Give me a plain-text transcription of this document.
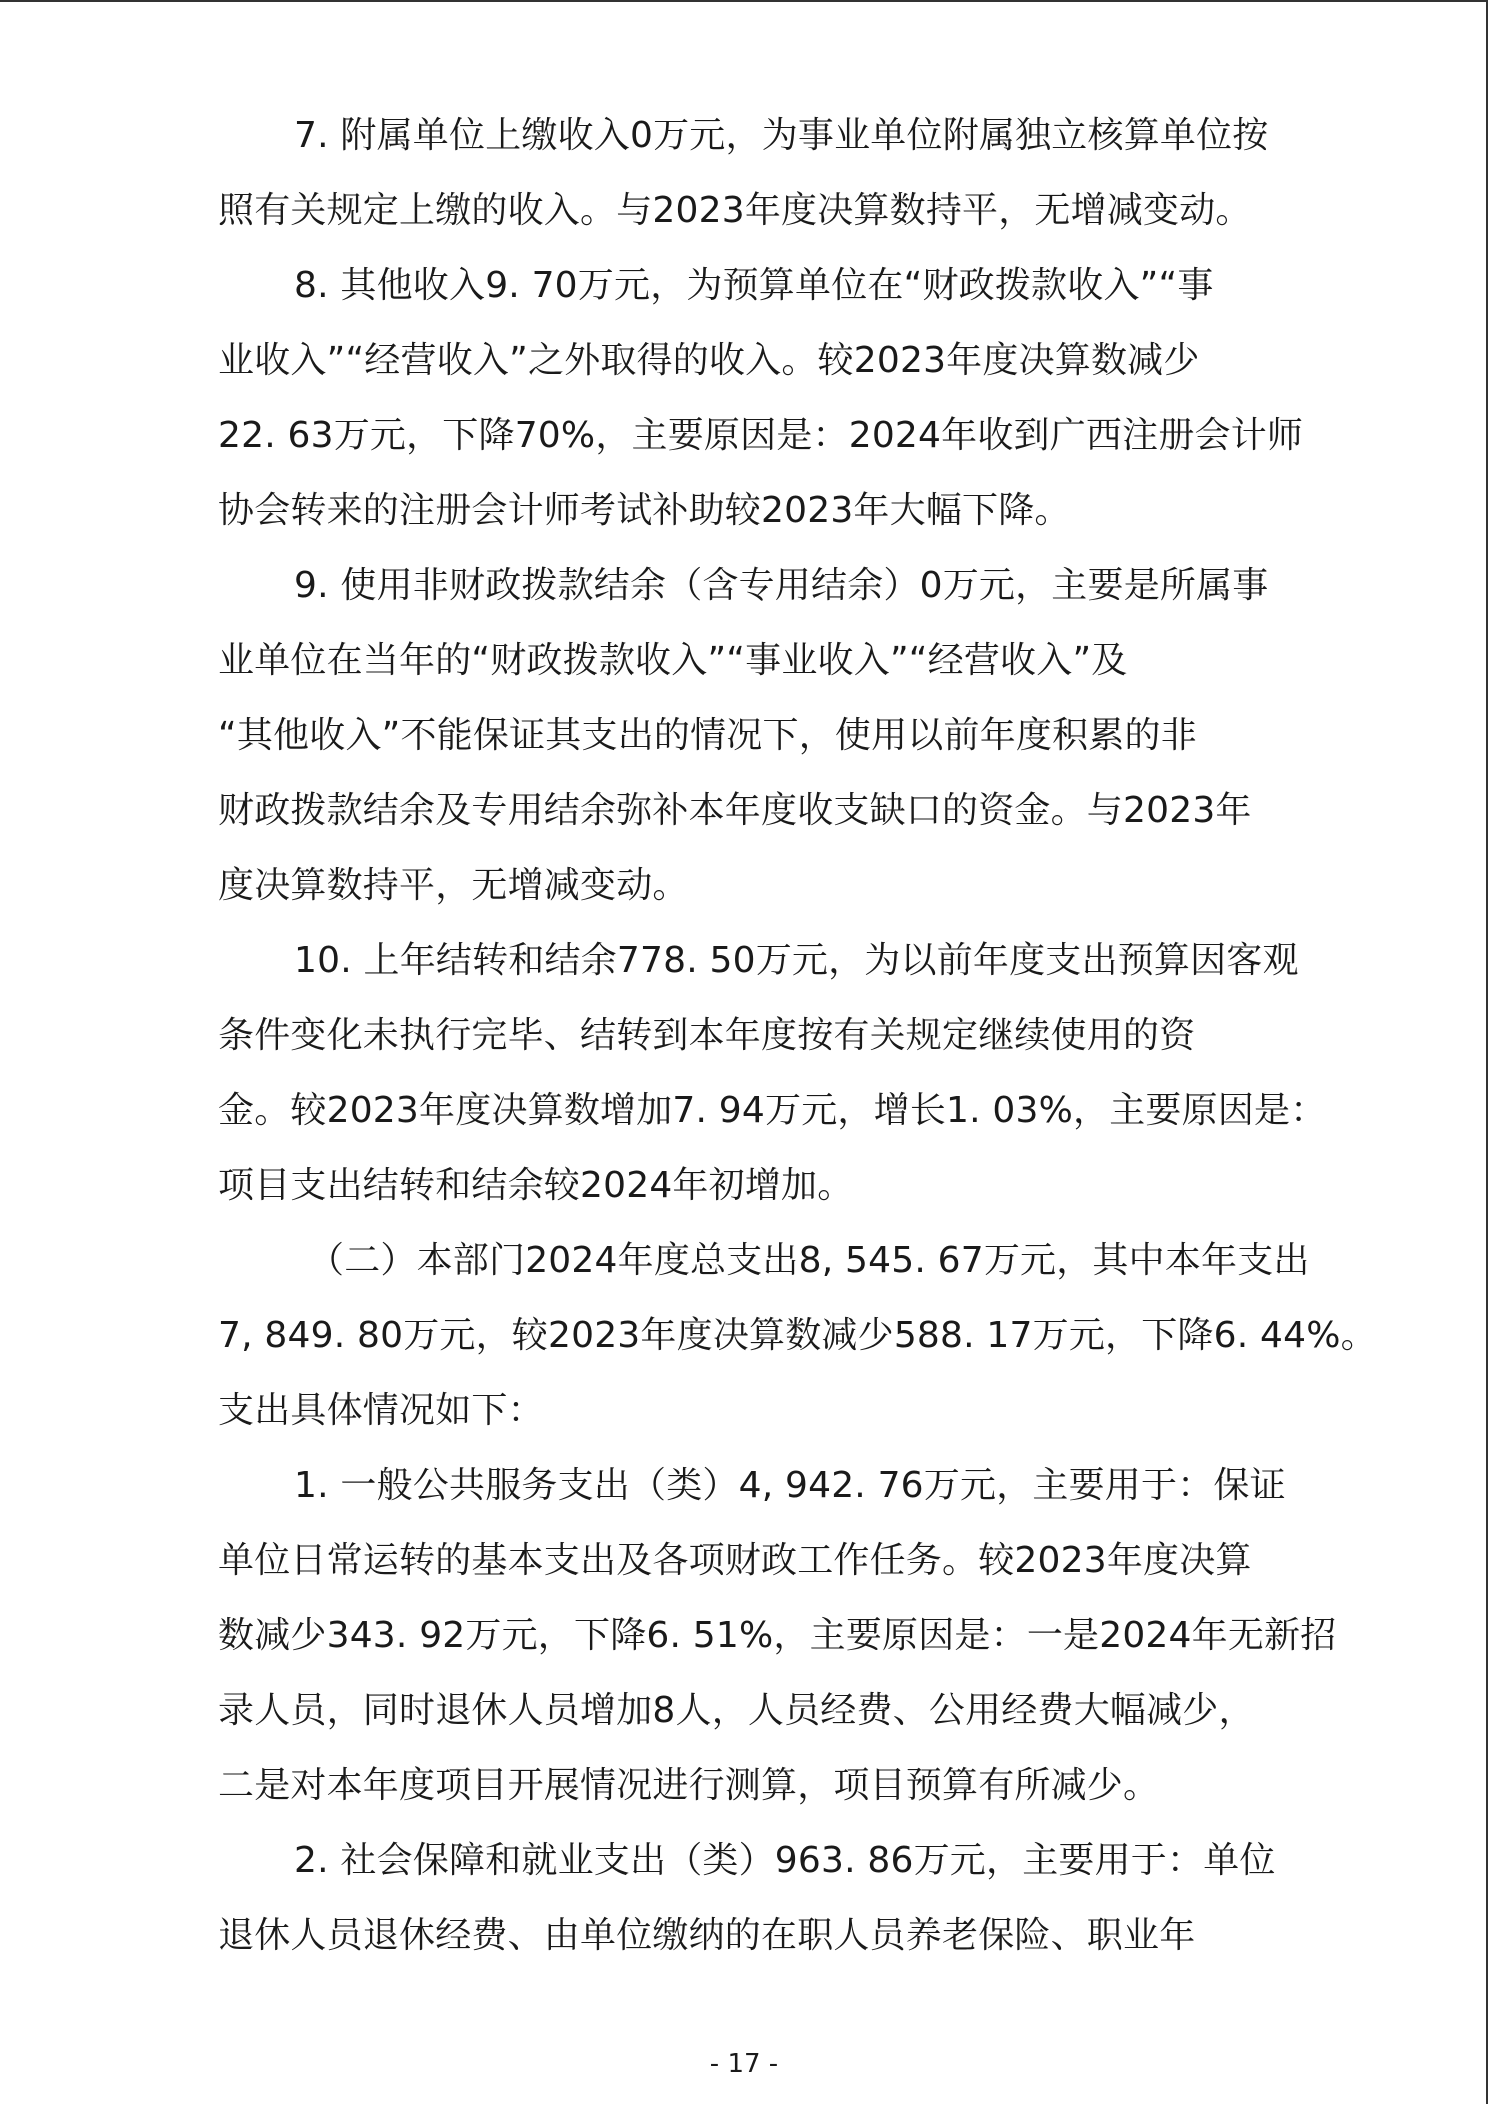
7. 附属单位上缴收入0万元，为事业单位附属独立核算单位按
照有关规定上缴的收入。与2023年度决算数持平，无增减变动。

8. 其他收入9. 70万元，为预算单位在“财政拨款收入”“事
业收入”“经营收入”之外取得的收入。较2023年度决算数减少
22. 63万元，下降70%，主要原因是：2024年收到广西注册会计师
协会转来的注册会计师考试补助较2023年大幅下降。

9. 使用非财政拨款结余（含专用结余）0万元，主要是所属事
业单位在当年的“财政拨款收入”“事业收入”“经营收入”及
“其他收入”不能保证其支出的情况下，使用以前年度积累的非
财政拨款结余及专用结余弥补本年度收支缺口的资金。与2023年
度决算数持平，无增减变动。

10. 上年结转和结余778. 50万元，为以前年度支出预算因客观
条件变化未执行完毕、结转到本年度按有关规定继续使用的资
金。较2023年度决算数增加7. 94万元，增长1. 03%，主要原因是：
项目支出结转和结余较2024年初增加。

（二）本部门2024年度总支出8, 545. 67万元，其中本年支出
7, 849. 80万元，较2023年度决算数减少588. 17万元，下降6. 44%。
支出具体情况如下：

1. 一般公共服务支出（类）4, 942. 76万元，主要用于：保证
单位日常运转的基本支出及各项财政工作任务。较2023年度决算
数减少343. 92万元，下降6. 51%，主要原因是：一是2024年无新招
录人员，同时退休人员增加8人，人员经费、公用经费大幅减少，
二是对本年度项目开展情况进行测算，项目预算有所减少。

2. 社会保障和就业支出（类）963. 86万元，主要用于：单位
退休人员退休经费、由单位缴纳的在职人员养老保险、职业年

- 17 -
